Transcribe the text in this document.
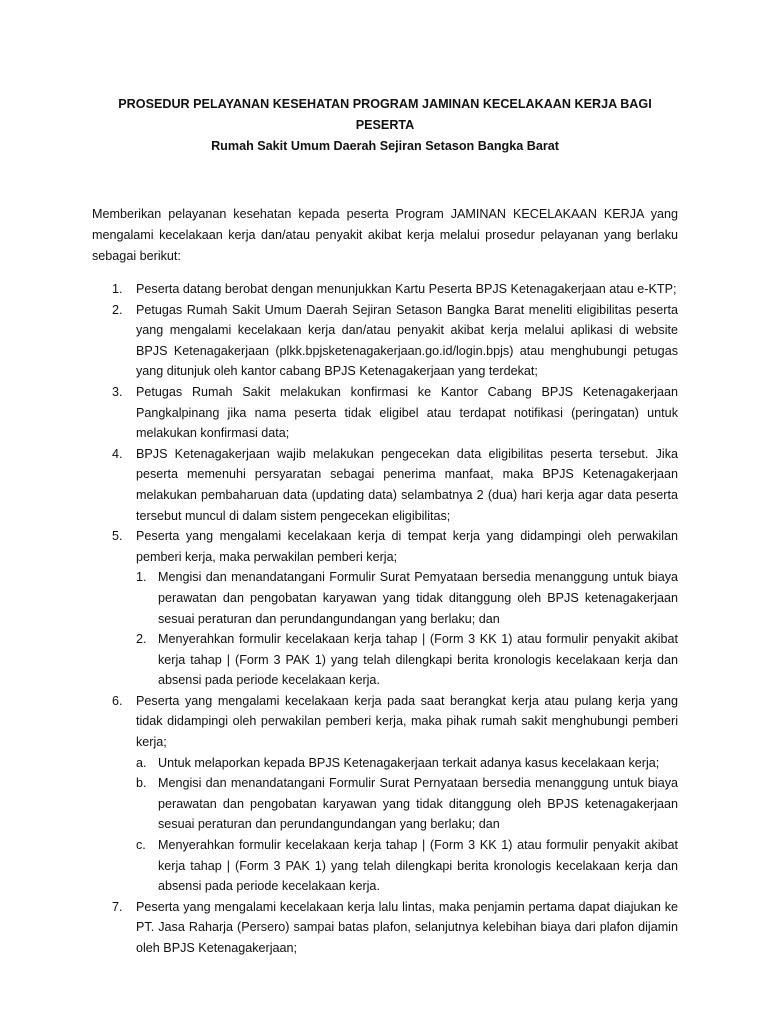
PROSEDUR PELAYANAN KESEHATAN PROGRAM JAMINAN KECELAKAAN KERJA BAGI PESERTA

Rumah Sakit Umum Daerah Sejiran Setason Bangka Barat

Memberikan pelayanan kesehatan kepada peserta Program JAMINAN KECELAKAAN KERJA yang mengalami kecelakaan kerja dan/atau penyakit akibat kerja melalui prosedur pelayanan yang berlaku sebagai berikut:

1. Peserta datang berobat dengan menunjukkan Kartu Peserta BPJS Ketenagakerjaan atau e-KTP;
2. Petugas Rumah Sakit Umum Daerah Sejiran Setason Bangka Barat meneliti eligibilitas peserta yang mengalami kecelakaan kerja dan/atau penyakit akibat kerja melalui aplikasi di website BPJS Ketenagakerjaan (plkk.bpjsketenagakerjaan.go.id/login.bpjs) atau menghubungi petugas yang ditunjuk oleh kantor cabang BPJS Ketenagakerjaan yang terdekat;
3. Petugas Rumah Sakit melakukan konfirmasi ke Kantor Cabang BPJS Ketenagakerjaan Pangkalpinang jika nama peserta tidak eligibel atau terdapat notifikasi (peringatan) untuk melakukan konfirmasi data;
4. BPJS Ketenagakerjaan wajib melakukan pengecekan data eligibilitas peserta tersebut. Jika peserta memenuhi persyaratan sebagai penerima manfaat, maka BPJS Ketenagakerjaan melakukan pembaharuan data (updating data) selambatnya 2 (dua) hari kerja agar data peserta tersebut muncul di dalam sistem pengecekan eligibilitas;
5. Peserta yang mengalami kecelakaan kerja di tempat kerja yang didampingi oleh perwakilan pemberi kerja, maka perwakilan pemberi kerja;
1. Mengisi dan menandatangani Formulir Surat Pemyataan bersedia menanggung untuk biaya perawatan dan pengobatan karyawan yang tidak ditanggung oleh BPJS ketenagakerjaan sesuai peraturan dan perundangundangan yang berlaku; dan
2. Menyerahkan formulir kecelakaan kerja tahap | (Form 3 KK 1) atau formulir penyakit akibat kerja tahap | (Form 3 PAK 1) yang telah dilengkapi berita kronologis kecelakaan kerja dan absensi pada periode kecelakaan kerja.
6. Peserta yang mengalami kecelakaan kerja pada saat berangkat kerja atau pulang kerja yang tidak didampingi oleh perwakilan pemberi kerja, maka pihak rumah sakit menghubungi pemberi kerja;
a. Untuk melaporkan kepada BPJS Ketenagakerjaan terkait adanya kasus kecelakaan kerja;
b. Mengisi dan menandatangani Formulir Surat Pernyataan bersedia menanggung untuk biaya perawatan dan pengobatan karyawan yang tidak ditanggung oleh BPJS ketenagakerjaan sesuai peraturan dan perundangundangan yang berlaku; dan
c. Menyerahkan formulir kecelakaan kerja tahap | (Form 3 KK 1) atau formulir penyakit akibat kerja tahap | (Form 3 PAK 1) yang telah dilengkapi berita kronologis kecelakaan kerja dan absensi pada periode kecelakaan kerja.
7. Peserta yang mengalami kecelakaan kerja lalu lintas, maka penjamin pertama dapat diajukan ke PT. Jasa Raharja (Persero) sampai batas plafon, selanjutnya kelebihan biaya dari plafon dijamin oleh BPJS Ketenagakerjaan;
